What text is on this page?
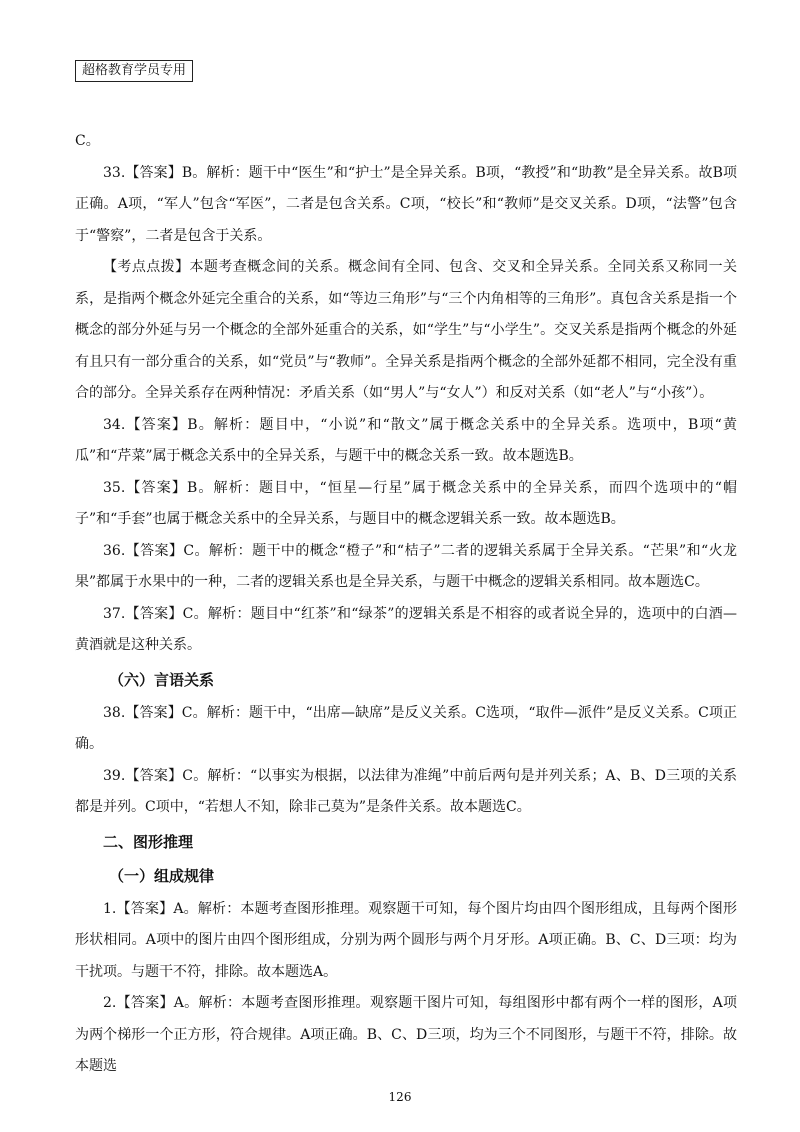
超格教育学员专用

C。

33.【答案】B。解析：题干中“医生”和“护士”是全异关系。B项，“教授”和“助教”是全异关系。故B项正确。A项，“军人”包含“军医”，二者是包含关系。C项，“校长”和“教师”是交叉关系。D项，“法警”包含于“警察”，二者是包含于关系。

【考点点拨】本题考查概念间的关系。概念间有全同、包含、交叉和全异关系。全同关系又称同一关系，是指两个概念外延完全重合的关系，如“等边三角形”与“三个内角相等的三角形”。真包含关系是指一个概念的部分外延与另一个概念的全部外延重合的关系，如“学生”与“小学生”。交叉关系是指两个概念的外延有且只有一部分重合的关系，如“党员”与“教师”。全异关系是指两个概念的全部外延都不相同，完全没有重合的部分。全异关系存在两种情况：矛盾关系（如“男人”与“女人”）和反对关系（如“老人”与“小孩”）。

34.【答案】B。解析：题目中，“小说”和“散文”属于概念关系中的全异关系。选项中，B项“黄瓜”和“芹菜”属于概念关系中的全异关系，与题干中的概念关系一致。故本题选B。

35.【答案】B。解析：题目中，“恒星—行星”属于概念关系中的全异关系，而四个选项中的“帽子”和“手套”也属于概念关系中的全异关系，与题目中的概念逻辑关系一致。故本题选B。

36.【答案】C。解析：题干中的概念“橙子”和“桔子”二者的逻辑关系属于全异关系。“芒果”和“火龙果”都属于水果中的一种，二者的逻辑关系也是全异关系，与题干中概念的逻辑关系相同。故本题选C。

37.【答案】C。解析：题目中“红茶”和“绿茶”的逻辑关系是不相容的或者说全异的，选项中的白酒—黄酒就是这种关系。

（六）言语关系

38.【答案】C。解析：题干中，“出席—缺席”是反义关系。C选项，“取件—派件”是反义关系。C项正确。

39.【答案】C。解析：“以事实为根据，以法律为准绳”中前后两句是并列关系；A、B、D三项的关系都是并列。C项中，“若想人不知，除非己莫为”是条件关系。故本题选C。

二、图形推理
（一）组成规律

1.【答案】A。解析：本题考查图形推理。观察题干可知，每个图片均由四个图形组成，且每两个图形形状相同。A项中的图片由四个图形组成，分别为两个圆形与两个月牙形。A项正确。B、C、D三项：均为干扰项。与题干不符，排除。故本题选A。

2.【答案】A。解析：本题考查图形推理。观察题干图片可知，每组图形中都有两个一样的图形，A项为两个梯形一个正方形，符合规律。A项正确。B、C、D三项，均为三个不同图形，与题干不符，排除。故本题选

126
